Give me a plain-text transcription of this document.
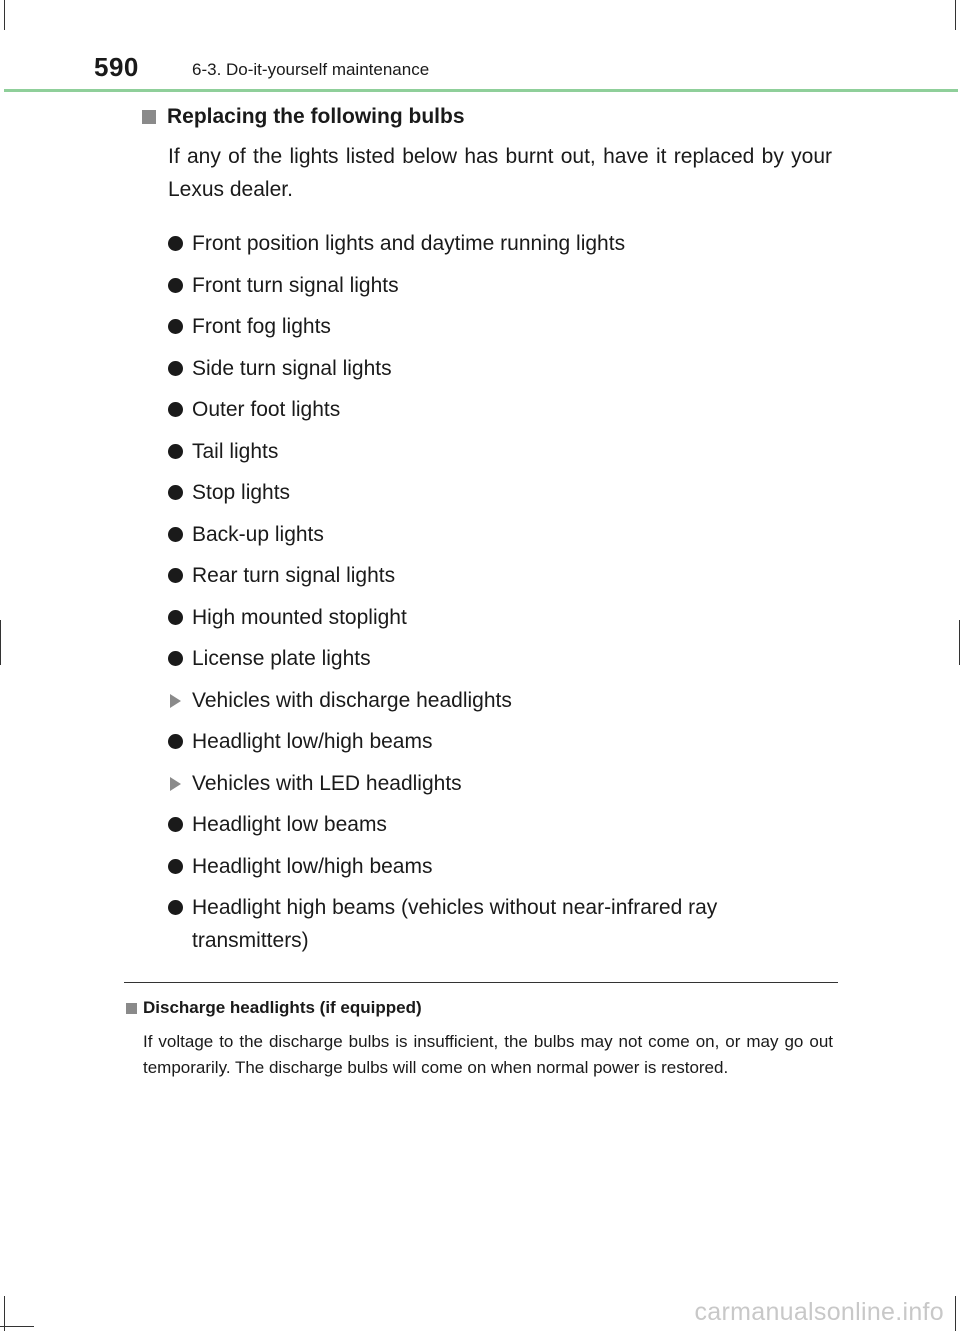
590	6-3. Do-it-yourself maintenance
Replacing the following bulbs

If any of the lights listed below has burnt out, have it replaced by your Lexus dealer.

Front position lights and daytime running lights
Front turn signal lights
Front fog lights
Side turn signal lights
Outer foot lights
Tail lights
Stop lights
Back-up lights
Rear turn signal lights
High mounted stoplight
License plate lights
Vehicles with discharge headlights
Headlight low/high beams
Vehicles with LED headlights
Headlight low beams
Headlight low/high beams
Headlight high beams (vehicles without near-infrared ray transmitters)
Discharge headlights (if equipped)

If voltage to the discharge bulbs is insufficient, the bulbs may not come on, or may go out temporarily. The discharge bulbs will come on when normal power is restored.

carmanualsonline.info
